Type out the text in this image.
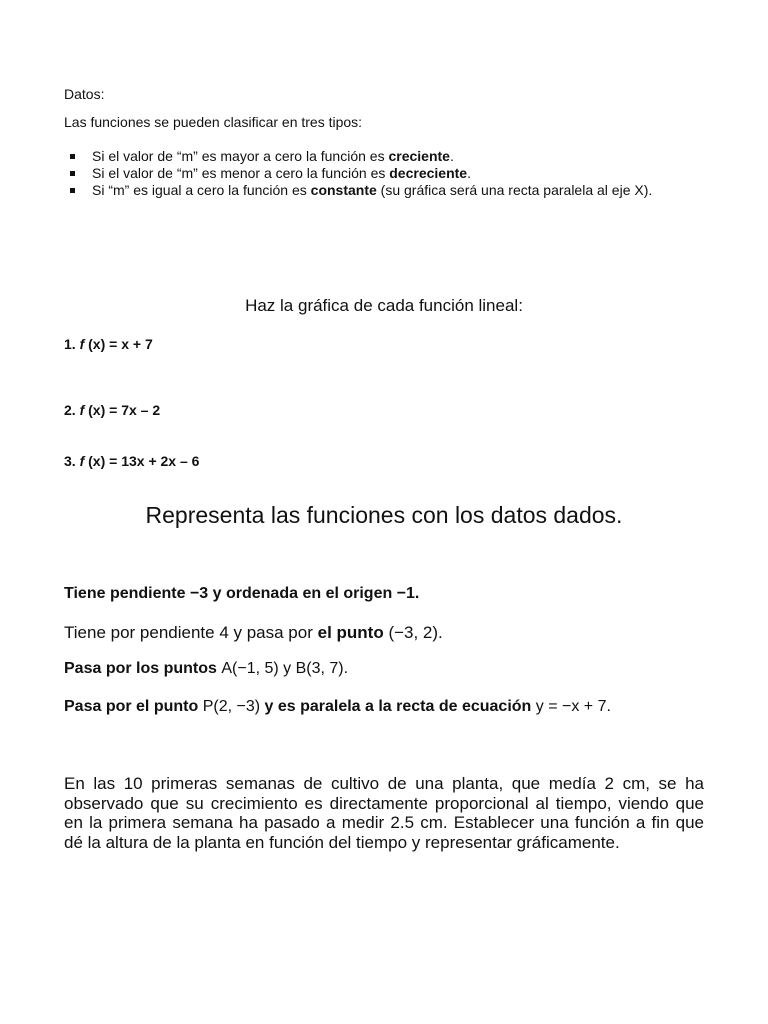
Datos:
Las funciones se pueden clasificar en tres tipos:
Si el valor de “m” es mayor a cero la función es creciente.
Si el valor de “m” es menor a cero la función es decreciente.
Si “m” es igual a cero la función es constante (su gráfica será una recta paralela al eje X).
Haz la gráfica de cada función lineal:
1. f (x) = x + 7
2. f (x) = 7x – 2
3. f (x) = 13x + 2x – 6
Representa las funciones con los datos dados.
Tiene pendiente −3 y ordenada en el origen −1.
Tiene por pendiente 4 y pasa por el punto (−3, 2).
Pasa por los puntos A(−1, 5) y B(3, 7).
Pasa por el punto P(2, −3) y es paralela a la recta de ecuación y = −x + 7.
En las 10 primeras semanas de cultivo de una planta, que medía 2 cm, se ha observado que su crecimiento es directamente proporcional al tiempo, viendo que en la primera semana ha pasado a medir 2.5 cm. Establecer una función a fin que dé la altura de la planta en función del tiempo y representar gráficamente.
